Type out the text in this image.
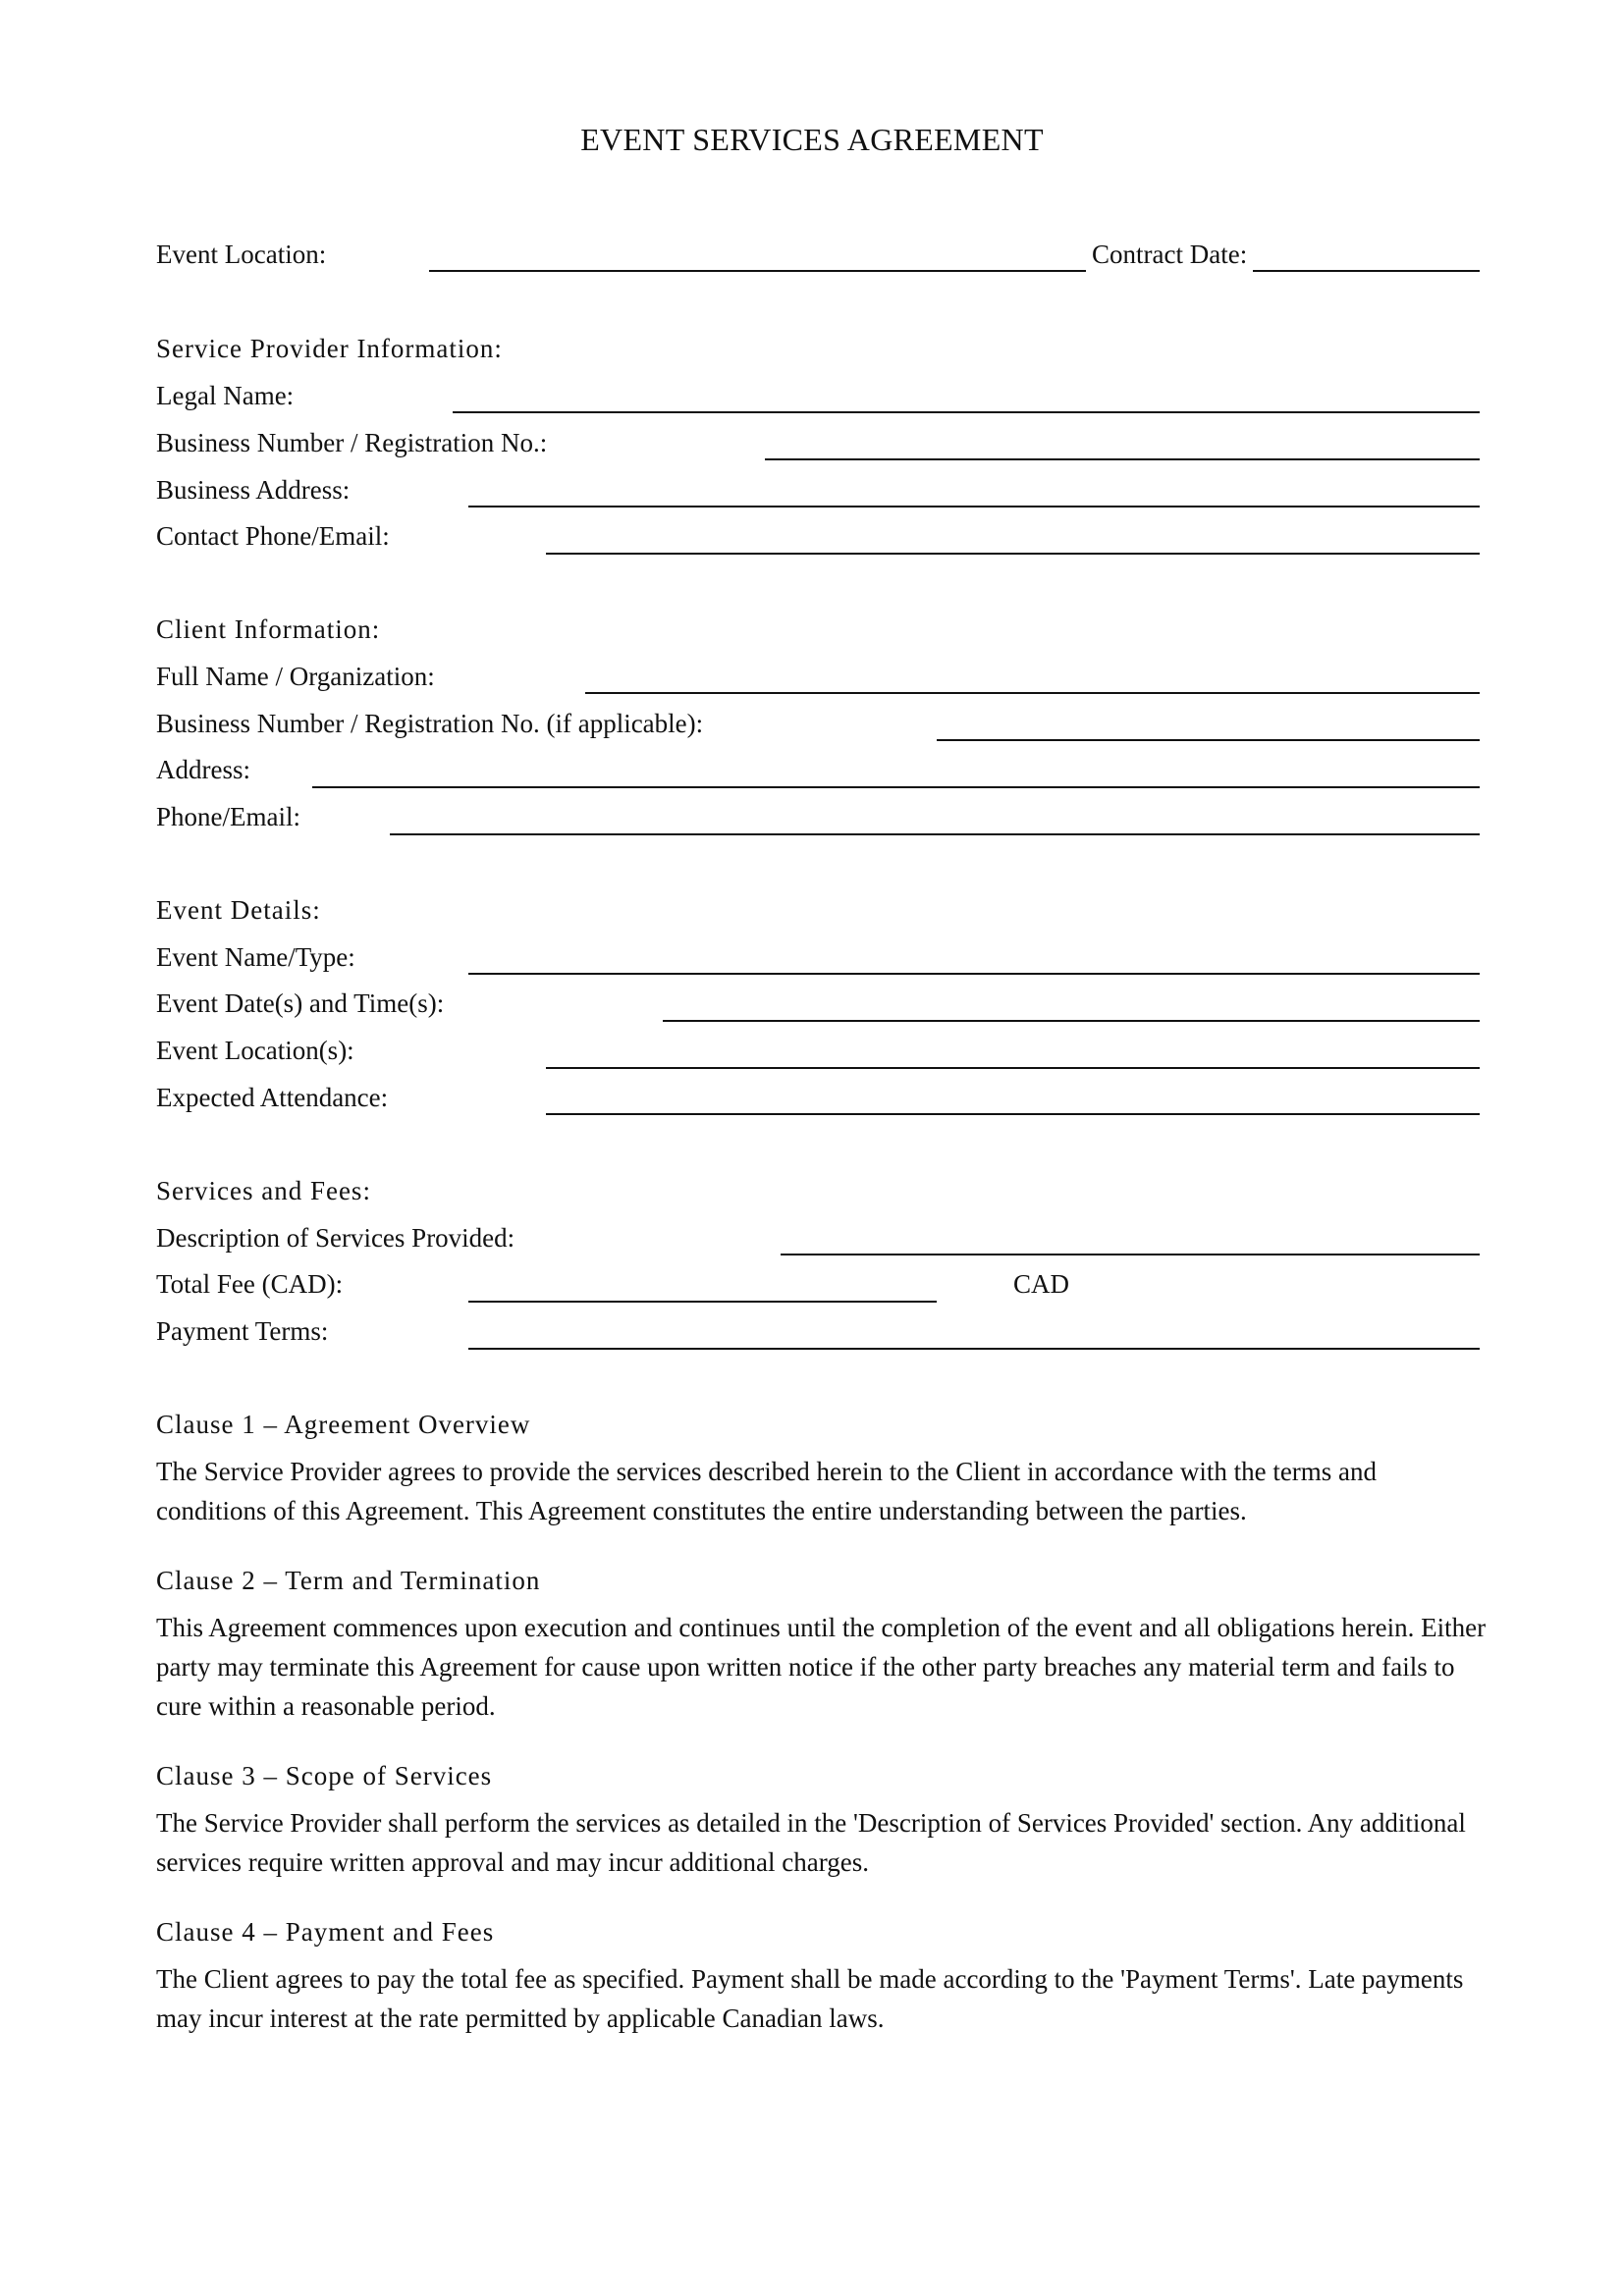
EVENT SERVICES AGREEMENT
Event Location:	Contract Date:
Service Provider Information:
Legal Name:
Business Number / Registration No.:
Business Address:
Contact Phone/Email:
Client Information:
Full Name / Organization:
Business Number / Registration No. (if applicable):
Address:
Phone/Email:
Event Details:
Event Name/Type:
Event Date(s) and Time(s):
Event Location(s):
Expected Attendance:
Services and Fees:
Description of Services Provided:
Total Fee (CAD):	CAD
Payment Terms:
Clause 1 – Agreement Overview
The Service Provider agrees to provide the services described herein to the Client in accordance with the terms and conditions of this Agreement. This Agreement constitutes the entire understanding between the parties.
Clause 2 – Term and Termination
This Agreement commences upon execution and continues until the completion of the event and all obligations herein. Either party may terminate this Agreement for cause upon written notice if the other party breaches any material term and fails to cure within a reasonable period.
Clause 3 – Scope of Services
The Service Provider shall perform the services as detailed in the 'Description of Services Provided' section. Any additional services require written approval and may incur additional charges.
Clause 4 – Payment and Fees
The Client agrees to pay the total fee as specified. Payment shall be made according to the 'Payment Terms'. Late payments may incur interest at the rate permitted by applicable Canadian laws.
